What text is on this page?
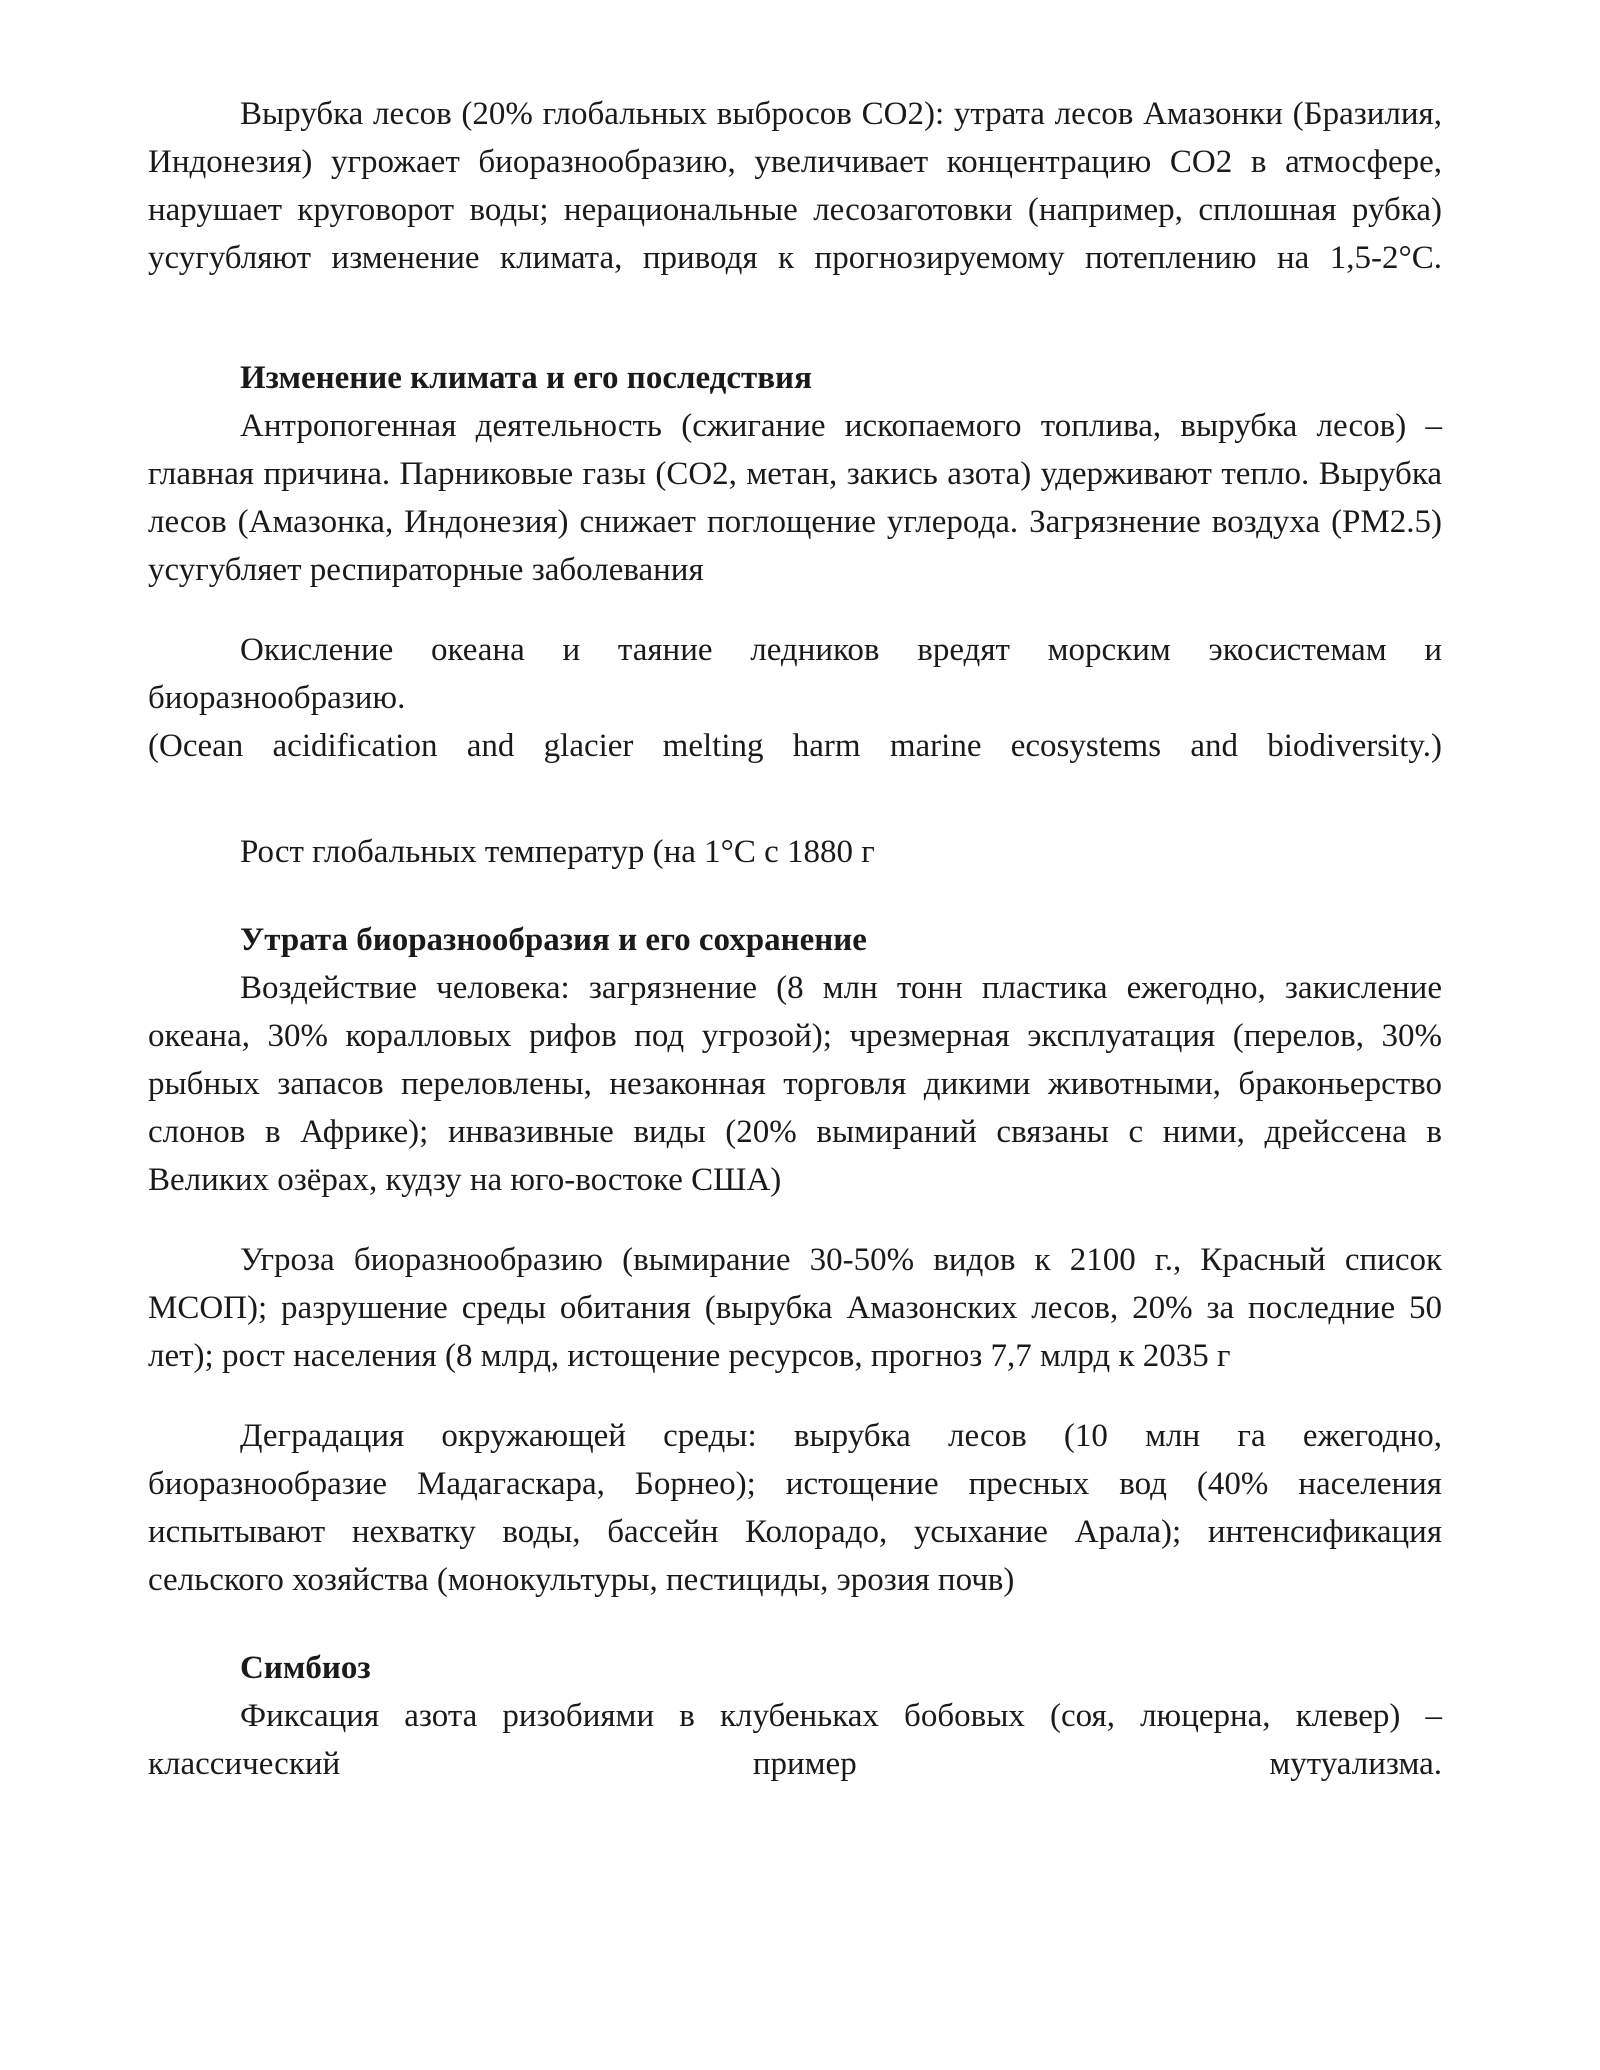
Вырубка лесов (20% глобальных выбросов CO2): утрата лесов Амазонки (Бразилия, Индонезия) угрожает биоразнообразию, увеличивает концентрацию CO2 в атмосфере, нарушает круговорот воды; нерациональные лесозаготовки (например, сплошная рубка) усугубляют изменение климата, приводя к прогнозируемому потеплению на 1,5-2°C.

Изменение климата и его последствия

Антропогенная деятельность (сжигание ископаемого топлива, вырубка лесов) – главная причина. Парниковые газы (CO2, метан, закись азота) удерживают тепло. Вырубка лесов (Амазонка, Индонезия) снижает поглощение углерода. Загрязнение воздуха (PM2.5) усугубляет респираторные заболевания

Окисление океана и таяние ледников вредят морским экосистемам и биоразнообразию.

(Ocean acidification and glacier melting harm marine ecosystems and biodiversity.)

Рост глобальных температур (на 1°C с 1880 г

Утрата биоразнообразия и его сохранение

Воздействие человека: загрязнение (8 млн тонн пластика ежегодно, закисление океана, 30% коралловых рифов под угрозой); чрезмерная эксплуатация (перелов, 30% рыбных запасов переловлены, незаконная торговля дикими животными, браконьерство слонов в Африке); инвазивные виды (20% вымираний связаны с ними, дрейссена в Великих озёрах, кудзу на юго-востоке США)

Угроза биоразнообразию (вымирание 30-50% видов к 2100 г., Красный список МСОП); разрушение среды обитания (вырубка Амазонских лесов, 20% за последние 50 лет); рост населения (8 млрд, истощение ресурсов, прогноз 7,7 млрд к 2035 г

Деградация окружающей среды: вырубка лесов (10 млн га ежегодно, биоразнообразие Мадагаскара, Борнео); истощение пресных вод (40% населения испытывают нехватку воды, бассейн Колорадо, усыхание Арала); интенсификация сельского хозяйства (монокультуры, пестициды, эрозия почв)

Симбиоз

Фиксация азота ризобиями в клубеньках бобовых (соя, люцерна, клевер) – классический пример мутуализма.
